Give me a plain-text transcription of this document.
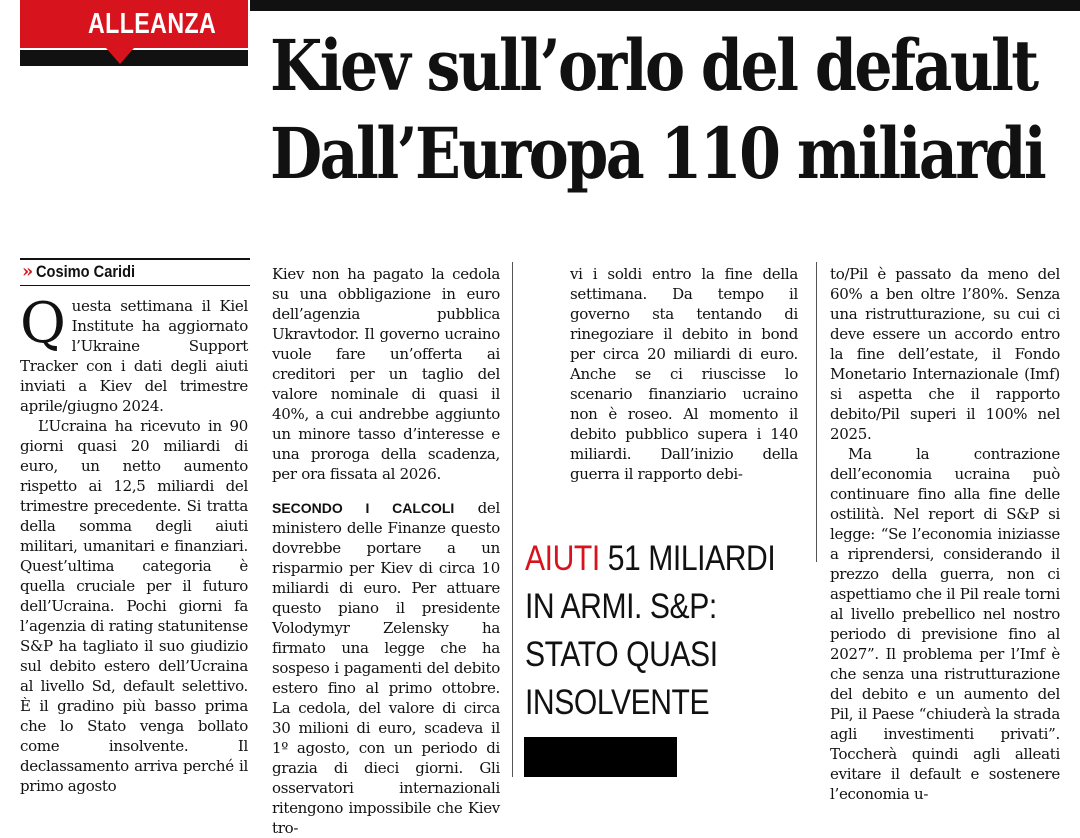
ALLEANZA Kiev sull’orlo del default
Dall’Europa 110 miliardi
» Cosimo Caridi

Questa settimana il Kiel Institute ha aggiornato l’Ukraine Support Tracker con i dati degli aiuti inviati a Kiev del trimestre aprile/giugno 2024.

L’Ucraina ha ricevuto in 90 giorni quasi 20 miliardi di euro, un netto aumento rispetto ai 12,5 miliardi del trimestre precedente. Si tratta della somma degli aiuti militari, umanitari e finanziari. Quest’ultima categoria è quella cruciale per il futuro dell’Ucraina. Pochi giorni fa l’agenzia di rating statunitense S&P ha tagliato il suo giudizio sul debito estero dell’Ucraina al livello Sd, default selettivo. È il gradino più basso prima che lo Stato venga bollato come insolvente. Il declassamento arriva perché il primo agosto

Kiev non ha pagato la cedola su una obbligazione in euro dell’agenzia pubblica Ukravtodor. Il governo ucraino vuole fare un’offerta ai creditori per un taglio del valore nominale di quasi il 40%, a cui andrebbe aggiunto un minore tasso d’interesse e una proroga della scadenza, per ora fissata al 2026.

SECONDO I CALCOLI del ministero delle Finanze questo dovrebbe portare a un risparmio per Kiev di circa 10 miliardi di euro. Per attuare questo piano il presidente Volodymyr Zelensky ha firmato una legge che ha sospeso i pagamenti del debito estero fino al primo ottobre. La cedola, del valore di circa 30 milioni di euro, scadeva il 1º agosto, con un periodo di grazia di dieci giorni. Gli osservatori internazionali ritengono impossibile che Kiev tro-

vi i soldi entro la fine della settimana. Da tempo il governo sta tentando di rinegoziare il debito in bond per circa 20 miliardi di euro. Anche se ci riuscisse lo scenario finanziario ucraino non è roseo. Al momento il debito pubblico supera i 140 miliardi. Dall’inizio della guerra il rapporto debi-

AIUTI 51 MILIARDI
IN ARMI. S&P:
STATO QUASI
INSOLVENTE

to/Pil è passato da meno del 60% a ben oltre l’80%. Senza una ristrutturazione, su cui ci deve essere un accordo entro la fine dell’estate, il Fondo Monetario Internazionale (Imf) si aspetta che il rapporto debito/Pil superi il 100% nel 2025.

Ma la contrazione dell’economia ucraina può continuare fino alla fine delle ostilità. Nel report di S&P si legge: “Se l’economia iniziasse a riprendersi, considerando il prezzo della guerra, non ci aspettiamo che il Pil reale torni al livello prebellico nel nostro periodo di previsione fino al 2027”. Il problema per l’Imf è che senza una ristrutturazione del debito e un aumento del Pil, il Paese “chiuderà la strada agli investimenti privati”. Toccherà quindi agli alleati evitare il default e sostenere l’economia u-
